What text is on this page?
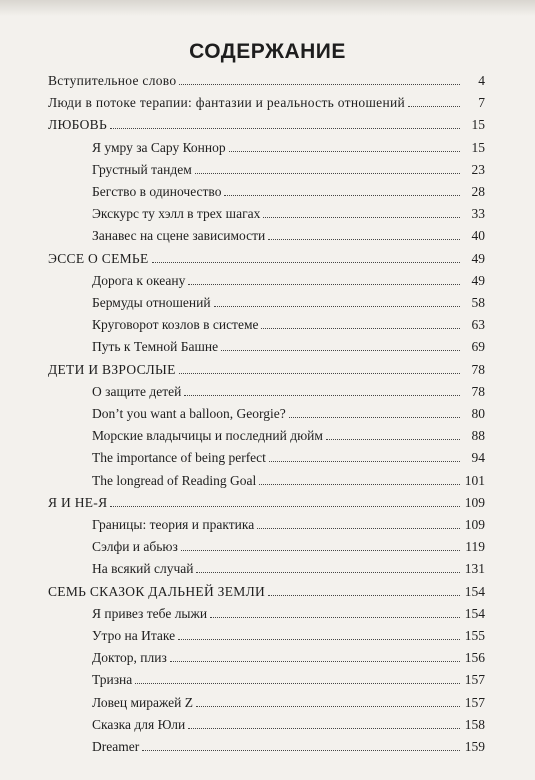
СОДЕРЖАНИЕ
Вступительное слово	4
Люди в потоке терапии: фантазии и реальность отношений	7
ЛЮБОВЬ	15
Я умру за Сару Коннор	15
Грустный тандем	23
Бегство в одиночество	28
Экскурс ту хэлл в трех шагах	33
Занавес на сцене зависимости	40
ЭССЕ О СЕМЬЕ	49
Дорога к океану	49
Бермуды отношений	58
Круговорот козлов в системе	63
Путь к Темной Башне	69
ДЕТИ И ВЗРОСЛЫЕ	78
О защите детей	78
Don’t you want a balloon, Georgie?	80
Морские владычицы и последний дюйм	88
The importance of being perfect	94
The longread of Reading Goal	101
Я И НЕ-Я	109
Границы: теория и практика	109
Сэлфи и абьюз	119
На всякий случай	131
СЕМЬ СКАЗОК ДАЛЬНЕЙ ЗЕМЛИ	154
Я привез тебе лыжи	154
Утро на Итаке	155
Доктор, плиз	156
Тризна	157
Ловец миражей Z	157
Сказка для Юли	158
Dreamer	159
